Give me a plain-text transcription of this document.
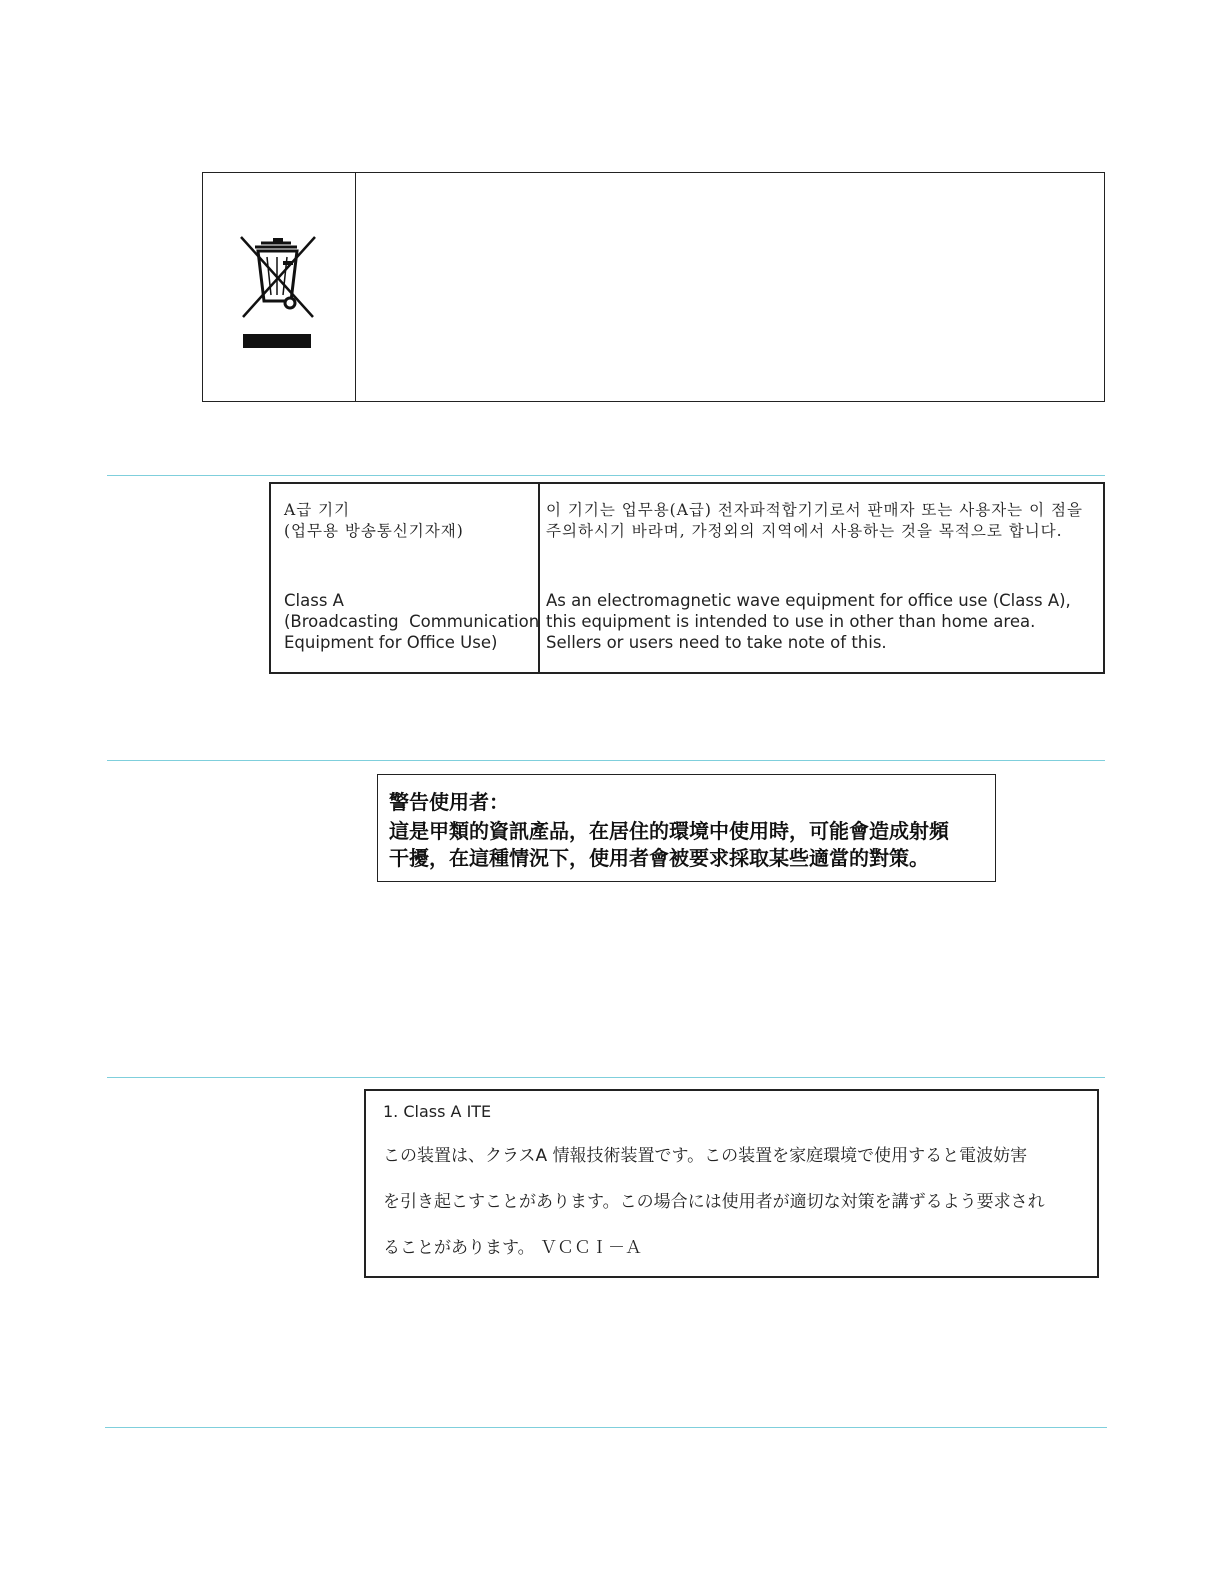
A급 기기
(업무용 방송통신기자재)
Class A
(Broadcasting  Communication
Equipment for Office Use)
이 기기는 업무용(A급) 전자파적합기기로서 판매자 또는 사용자는 이 점을 주의하시기 바라며, 가정외의 지역에서 사용하는 것을 목적으로 합니다.
As an electromagnetic wave equipment for office use (Class A),
this equipment is intended to use in other than home area.
Sellers or users need to take note of this.
警告使用者：
這是甲類的資訊產品，在居住的環境中使用時，可能會造成射頻
干擾，在這種情況下，使用者會被要求採取某些適當的對策。
1. Class A ITE
この装置は、クラスA 情報技術装置です。この装置を家庭環境で使用すると電波妨害
を引き起こすことがあります。この場合には使用者が適切な対策を講ずるよう要求され
ることがあります。 ＶＣＣＩ－Ａ
